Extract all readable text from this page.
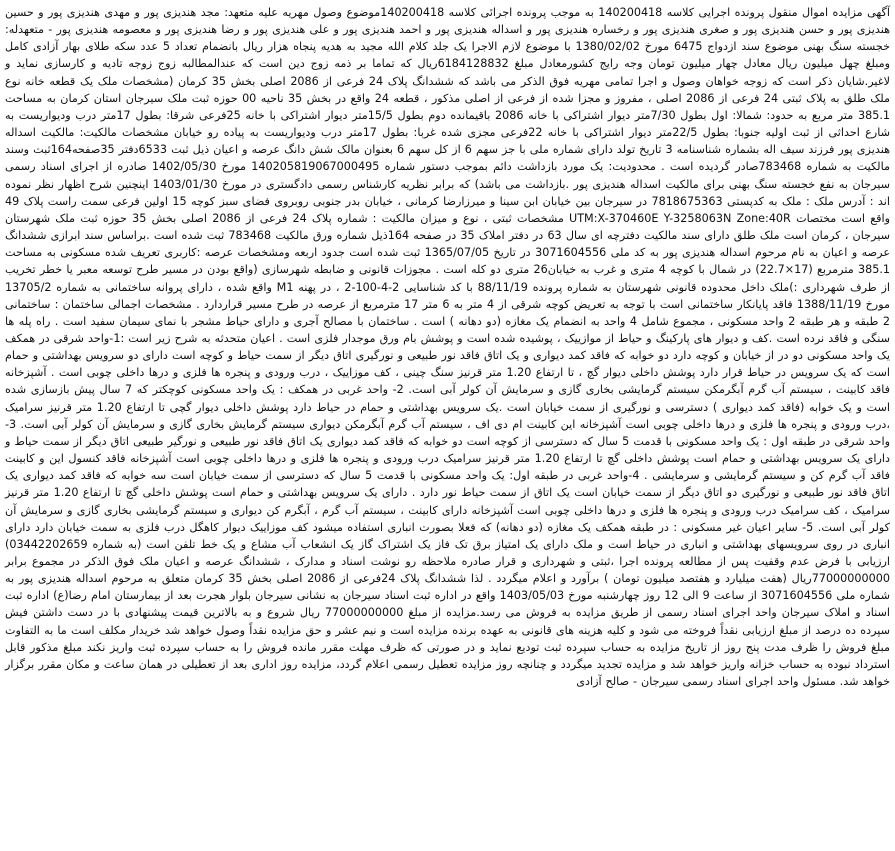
آگهی مزایده اموال منقول پرونده اجرایی کلاسه 140200418 به موجب پرونده اجرائی کلاسه 140200418موضوع وصول مهریه علیه متعهد: مجد هندیزی پور و مهدی هندیزی پور و حسین هندیزی پور و حسن هندیزی پور و صغری هندیزی پور و رخساره هندیزی پور و اسداله هندیزی پور و احمد هندیزی پور و علی هندیزی پور و رضا هندیزی پور و معصومه هندیزی پور - متعهدله: خجسته سنگ بهنی موضوع سند ازدواج 6475 مورخ 1380/02/02 با موضوع لازم الاجرا یک جلد کلام الله مجید به هدیه پنجاه هزار ریال بانضمام تعداد 5 عدد سکه طلای بهار آزادی کامل ومبلغ چهل میلیون ریال معادل چهار میلیون تومان وجه رایج کشورمعادل مبلغ 6184128832ریال که تماما بر ذمه زوج دین است که عندالمطالبه زوج زوجه تادیه و کارسازی نماید و لاغیر.شایان ذکر است که زوجه خواهان وصول و اجرا تمامی مهریه فوق الذکر می باشد که ششدانگ پلاک 24 فرعی از 2086 اصلی بخش 35 کرمان (مشخصات ملک یک قطعه خانه نوع ملک طلق به پلاک ثبتی 24 فرعی از 2086 اصلی ، مفروز و مجزا شده از فرعی از اصلی مذکور ، قطعه 24 واقع در بخش 35 ناحیه 00 حوزه ثبت ملک سیرجان استان کرمان به مساحت 385.1 متر مربع به حدود: شمالا: اول بطول 7/30متر دیوار اشتراکی با خانه 2086 باقیمانده دوم بطول 15/5متر دیوار اشتراکی با خانه 25فرعی شرقا: بطول 17متر درب ودیواریست به شارع احداثی از ثبت اولیه جنوبا: بطول 22/5متر دیوار اشتراکی با خانه 22فرعی مجزی شده غربا: بطول 17متر درب ودیواریست به پیاده رو خیابان مشخصات مالکیت: مالکیت اسداله هندیزی پور فرزند سیف اله بشماره شناسنامه 3 تاریخ تولد دارای شماره ملی با جز سهم 6 از کل سهم 6 بعنوان مالک شش دانگ عرصه و اعیان ذیل ثبت 6533دفتر 35صفحه164ثبت وسند مالکیت به شماره 783468صادر گردیده است . محدودیت: یک مورد بازداشت دائم بموجب دستور شماره 140205819067000495 مورخ 1402/05/30 صادره از اجرای اسناد رسمی سیرجان به نفع خجسته سنگ بهنی برای مالکیت اسداله هندیزی پور .بازداشت می باشد) که برابر نظریه کارشناس رسمی دادگستری در مورخ 1403/01/30 اینچنین شرح اظهار نظر نموده اند : آدرس ملک : ملک به کدپستی 7818675363 در سیرجان بین خیابان ابن سینا و میرزارضا کرمانی ، خیابان بدر جنوبی روبروی فضای سبز کوچه 15 اولین فرعی سمت راست پلاک 49 واقع است مختصات UTM:X-370460E Y-3258063N Zone:40R مشخصات ثبتی ، نوع و میزان مالکیت : شماره پلاک 24 فرعی از 2086 اصلی بخش 35 حوزه ثبت ملک شهرستان سیرجان ، کرمان است ملک طلق دارای سند مالکیت دفترچه ای سال 63 در دفتر املاک 35 در صفحه 164ذیل شماره ورق مالکیت 783468 ثبت شده است .براساس سند ابرازی ششدانگ عرصه و اعیان به نام مرحوم اسداله هندیزی پور به کد ملی 3071604556 در تاریخ 1365/07/05 ثبت شده است جدود اربعه ومشخصات عرصه :کاربری تعریف شده مسکونی به مساحت 385.1 مترمربع (17×22.7) در شمال با کوچه 4 متری و غرب به خیابان26 متری دو کله است . مجوزات قانونی و ضابطه شهرسازی (واقع بودن در مسیر طرح توسعه معبر یا خطر تخریب از طرف شهرداری :)ملک داخل محدوده قانونی شهرستان به شماره پرونده 88/11/19 با کد شناسایی 2-4-100-2 ، در پهنه M1 واقع شده ، دارای پروانه ساختمانی به شماره 13705/2 مورخ 1388/11/19 فاقد پایانکار ساختمانی است با توجه به تعریض کوچه شرقی از 4 متر به 6 متر 17 مترمربع از عرصه در طرح مسیر قراردارد . مشخصات اجمالی ساختمان : ساختمانی 2 طبقه و هر طبقه 2 واحد مسکونی ، مجموع شامل 4 واحد به انضمام یک مغازه (دو دهانه ) است . ساختمان با مصالح آجری و دارای حیاط مشجر با نمای سیمان سفید است . راه پله ها سنگی و فاقد نرده است .کف و دیوار های پارکینگ و حیاط از موازییک ، پوشیده شده است و پوشش بام ورق موجدار فلزی است . اعیان متحدثه به شرح زیر است :1-واحد شرقی در همکف یک واحد مسکونی دو در از خیابان و کوچه دارد دو خوابه که فاقد کمد دیواری و یک اتاق فاقد نور طبیعی و نورگیری اتاق دیگر از سمت حیاط و کوچه است دارای دو سرویس بهداشتی و حمام است که یک سرویس در حیاط قرار دارد پوشش داخلی دیوار گچ ، تا ارتفاع 1.20 متر قرنیز سنگ چینی ، کف موزاییک ، درب ورودی و پنجره ها فلزی و درها داخلی چوبی است . آشپزخانه فاقد کابینت ، سیستم آب گرم آبگرمکن سیستم گرمایشی بخاری گازی و سرمایش آن کولر آبی است. 2- واحد غربی در همکف : یک واحد مسکونی کوچکتر که 7 سال پیش بازسازی شده است و یک خوابه (فاقد کمد دیواری ) دسترسی و نورگیری از سمت خیابان است .یک سرویس بهداشتی و حمام در حیاط دارد پوشش داخلی دیوار گچی تا ارتفاع 1.20 متر قرنیز سرامیک ،درب ورودی و پنجره ها فلزی و درها داخلی چوبی است آشپزخانه این کابینت ام دی اف ، سیستم آب گرم آبگرمکن دیواری سیستم گرمایش بخاری گازی و سرمایش آن کولر آبی است. 3- واحد شرقی در طبقه اول : یک واحد مسکونی با قدمت 5 سال که دسترسی از کوچه است دو خوابه که فاقد کمد دیواری یک اتاق فاقد نور طبیعی و نورگیر طبیعی اتاق دیگر از سمت حیاط و دارای یک سرویس بهداشتی و حمام است پوشش داخلی گچ تا ارتفاع 1.20 متر قرنیز سرامیک درب ورودی و پنجره ها فلزی و درها داخلی چوبی است آشپزخانه فاقد کنسول این و کابینت فاقد آب گرم کن و سیستم گرمایشی و سرمایشی . 4-واحد غربی در طبقه اول: یک واحد مسکونی با قدمت 5 سال که دسترسی از سمت خیابان است سه خوابه که فاقد کمد دیواری یک اتاق فاقد نور طبیعی و نورگیری دو اتاق دیگر از سمت خیابان است یک اتاق از سمت حیاط نور دارد . دارای یک سرویس بهداشتی و حمام است پوشش داخلی گچ تا ارتفاع 1.20 متر قرنیز سرامیک ، کف سرامیک درب ورودی و پنجره ها فلزی و درها داخلی چوبی است آشپزخانه دارای کابینت ، سیستم آب گرم ، آبگرم کن دیواری و سیستم گرمایشی بخاری گازی و سرمایش آن کولر آبی است. 5- سایر اعیان غیر مسکونی : در طبقه همکف یک مغازه (دو دهانه) که فعلا بصورت انباری استفاده میشود کف موزاییک دیوار کاهگل درب فلزی به سمت خیابان دارد دارای انباری در روی سرویسهای بهداشتی و انباری در حیاط است و ملک دارای یک امتیاز برق تک فاز یک اشتراک گاز یک انشعاب آب مشاع و یک خط تلفن است (به شماره 03442202659) ارزیابی با فرض عدم وقفیت پس از مطالعه پرونده اجرا ،ثبتی و شهرداری و قرار صادره ملاحظه رو نوشت اسناد و مدارک ، ششدانگ عرصه و اعیان ملک فوق الذکر در مجموع برابر 77000000000ریال (هفت میلیارد و هفتصد میلیون تومان ) برآورد و اعلام میگردد . لذا ششدانگ پلاک 24فرعی از 2086 اصلی بخش 35 کرمان متعلق به مرحوم اسداله هندیزی پور به شماره ملی 3071604556 از ساعت 9 الی 12 روز چهارشنبه مورخ 1403/05/03 واقع در اداره ثبت اسناد سیرجان به نشانی سیرجان بلوار هجرت بعد از بیمارستان امام رضا(ع) اداره ثبت اسناد و املاک سیرجان واحد اجرای اسناد رسمی از طریق مزایده به فروش می رسد.مزایده از مبلغ 77000000000 ریال شروع و به بالاترین قیمت پیشنهادی با در دست داشتن فیش سپرده ده درصد از مبلغ ارزیابی نقداً فروخته می شود و کلیه هزینه های قانونی به عهده برنده مزایده است و نیم عشر و حق مزایده نقداً وصول خواهد شد خریدار مکلف است ما به التفاوت مبلغ فروش را ظرف مدت پنج روز از تاریخ مزایده به حساب سپرده ثبت تودیع نماید و در صورتی که ظرف مهلت مقرر مانده فروش را به حساب سپرده ثبت واریز نکند مبلغ مذکور قابل استرداد نبوده به حساب خزانه واریز خواهد شد و مزایده تجدید میگردد و چنانچه روز مزایده تعطیل رسمی اعلام گردد، مزایده روز اداری بعد از تعطیلی در همان ساعت و مکان مقرر برگزار خواهد شد. مسئول واحد اجرای اسناد رسمی سیرجان - صالح آزادی
